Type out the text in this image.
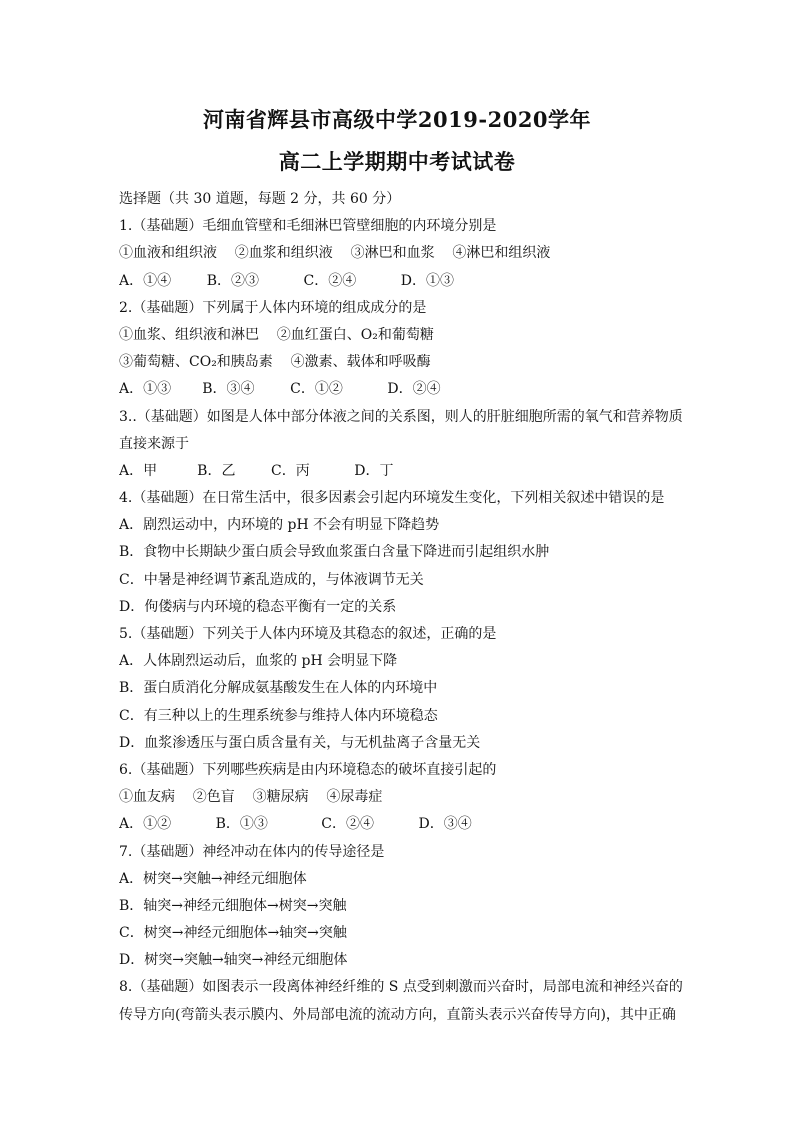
河南省辉县市高级中学2019-2020学年
高二上学期期中考试试卷
选择题（共 30 道题，每题 2 分，共 60 分）
1.（基础题）毛细血管壁和毛细淋巴管壁细胞的内环境分别是
①血液和组织液    ②血浆和组织液    ③淋巴和血浆    ④淋巴和组织液
A．①④        B．②③          C．②④          D．①③
2.（基础题）下列属于人体内环境的组成成分的是
①血浆、组织液和淋巴    ②血红蛋白、O₂和葡萄糖
③葡萄糖、CO₂和胰岛素    ④激素、载体和呼吸酶
A．①③       B．③④        C．①②          D．②④
3..（基础题）如图是人体中部分体液之间的关系图，则人的肝脏细胞所需的氧气和营养物质
直接来源于
A．甲         B．乙        C．丙          D．丁
4.（基础题）在日常生活中，很多因素会引起内环境发生变化，下列相关叙述中错误的是
A．剧烈运动中，内环境的 pH 不会有明显下降趋势
B．食物中长期缺少蛋白质会导致血浆蛋白含量下降进而引起组织水肿
C．中暑是神经调节紊乱造成的，与体液调节无关
D．佝偻病与内环境的稳态平衡有一定的关系
5.（基础题）下列关于人体内环境及其稳态的叙述，正确的是
A．人体剧烈运动后，血浆的 pH 会明显下降
B．蛋白质消化分解成氨基酸发生在人体的内环境中
C．有三种以上的生理系统参与维持人体内环境稳态
D．血浆渗透压与蛋白质含量有关，与无机盐离子含量无关
6.（基础题）下列哪些疾病是由内环境稳态的破坏直接引起的
①血友病    ②色盲    ③糖尿病    ④尿毒症
A．①②          B．①③            C．②④          D．③④
7.（基础题）神经冲动在体内的传导途径是
A．树突→突触→神经元细胞体
B．轴突→神经元细胞体→树突→突触
C．树突→神经元细胞体→轴突→突触
D．树突→突触→轴突→神经元细胞体
8.（基础题）如图表示一段离体神经纤维的 S 点受到刺激而兴奋时，局部电流和神经兴奋的
传导方向(弯箭头表示膜内、外局部电流的流动方向，直箭头表示兴奋传导方向)，其中正确
